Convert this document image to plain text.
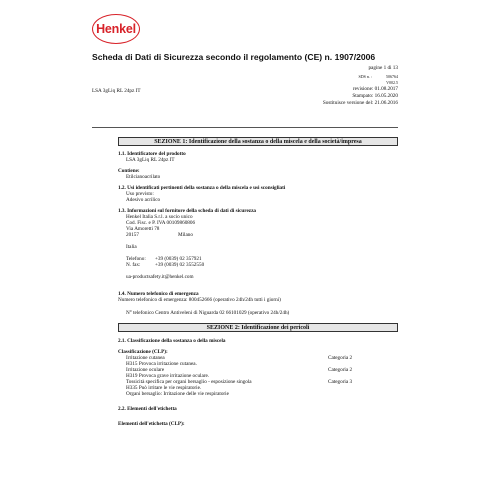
Henkel
Scheda di Dati di Sicurezza secondo il regolamento (CE) n. 1907/2006
pagine 1 di 13
SDS n. :	506764
V002.5
LSA 3gLiq RL 24pz IT	revisione: 01.08.2017
Stampato: 16.05.2020
Sostituisce versione del: 21.06.2016
SEZIONE 1: Identificazione della sostanza o della miscela e della società/impresa
1.1. Identificatore del prodotto
LSA 3gLiq RL 24pz IT
Contiene:
Etilcianoacrilato
1.2. Usi identificati pertinenti della sostanza o della miscela e usi sconsigliati
Uso previsto:
Adesivo acrilico
1.3. Informazioni sul fornitore della scheda di dati di sicurezza
Henkel Italia S.r.l. a socio unico
Cod. Fisc. e P. IVA 00109860806
Via Amoretti 78
20157	Milano
Italia
Telefono: +39 (0039) 02 357921
N. fax:	+39 (0039) 02 3552550
ua-productsafety.it@henkel.com
1.4. Numero telefonico di emergenza
Numero telefonico di emergenza: 800452666 (operativo 24h/24h tutti i giorni)
N° telefonico Centro Antiveleni di Niguarda 02 66101029 (operativo 24h/24h)
SEZIONE 2: Identificazione dei pericoli
2.1. Classificazione della sostanza o della miscela
Classificazione (CLP):
Irritazione cutanea	Categoria 2
H315 Provoca irritazione cutanea.
Irritazione oculare	Categoria 2
H319 Provoca grave irritazione oculare.
Tossicità specifica per organi bersaglio - esposizione singola	Categoria 3
H335 Può irritare le vie respiratorie.
Organi bersaglio: Irritazione delle vie respiratorie
2.2. Elementi dell'etichetta
Elementi dell'etichetta (CLP):
